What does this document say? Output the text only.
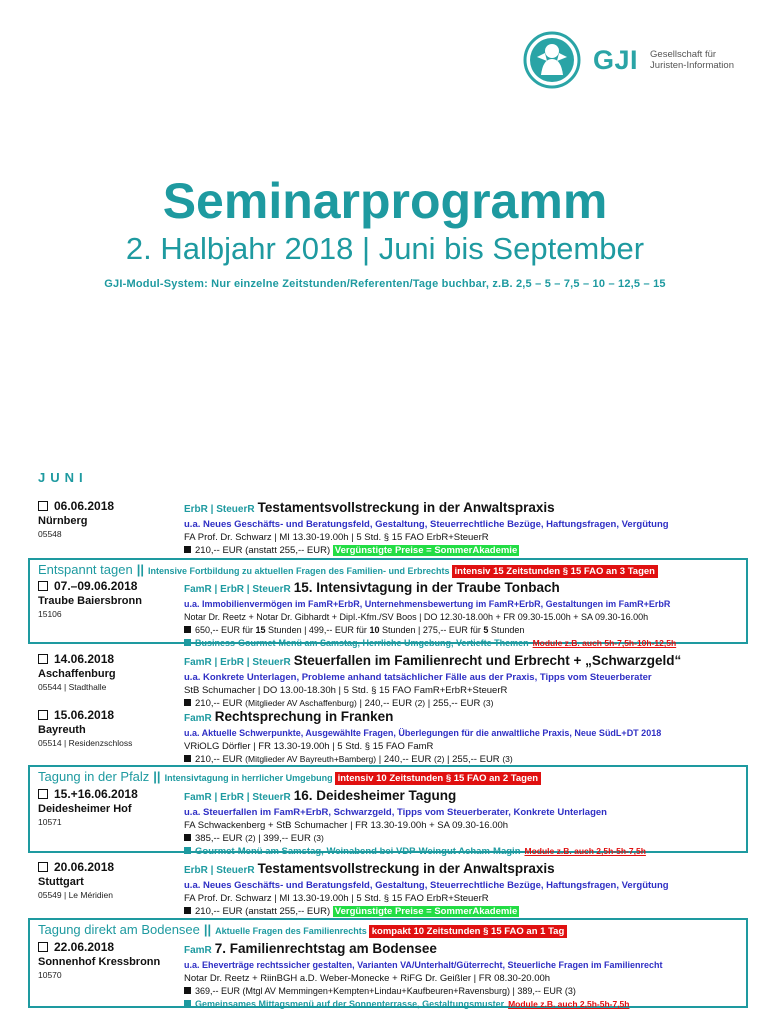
GJI Gesellschaft für
Juristen-Information
Seminarprogramm
2. Halbjahr 2018 | Juni bis September
GJI-Modul-System: Nur einzelne Zeitstunden/Referenten/Tage buchbar, z.B. 2,5 – 5 – 7,5 – 10 – 12,5 – 15
JUNI
06.06.2018
Nürnberg
05548
ErbR | SteuerR Testamentsvollstreckung in der Anwaltspraxis
u.a. Neues Geschäfts- und Beratungsfeld, Gestaltung, Steuerrechtliche Bezüge, Haftungsfragen, Vergütung
FA Prof. Dr. Schwarz | MI 13.30-19.00h | 5 Std. § 15 FAO ErbR+SteuerR
210,-- EUR (anstatt 255,-- EUR) Vergünstigte Preise = SommerAkademie
Entspannt tagen || Intensive Fortbildung zu aktuellen Fragen des Familien- und Erbrechts intensiv 15 Zeitstunden § 15 FAO an 3 Tagen
07.–09.06.2018
Traube Baiersbronn
15106
FamR | ErbR | SteuerR 15. Intensivtagung in der Traube Tonbach
u.a. Immobilienvermögen im FamR+ErbR, Unternehmensbewertung im FamR+ErbR, Gestaltungen im FamR+ErbR
Notar Dr. Reetz + Notar Dr. Gibhardt + Dipl.-Kfm./SV Boos | DO 12.30-18.00h + FR 09.30-15.00h + SA 09.30-16.00h
650,-- EUR für 15 Stunden | 499,-- EUR für 10 Stunden | 275,-- EUR für 5 Stunden
Business-Gourmet-Menü am Samstag, Herrliche Umgebung, Vertiefte Themen Module z.B. auch 5h-7,5h-10h-12,5h
14.06.2018
Aschaffenburg
05544 | Stadthalle
FamR | ErbR | SteuerR Steuerfallen im Familienrecht und Erbrecht + „Schwarzgeld“
u.a. Konkrete Unterlagen, Probleme anhand tatsächlicher Fälle aus der Praxis, Tipps vom Steuerberater
StB Schumacher | DO 13.00-18.30h | 5 Std. § 15 FAO FamR+ErbR+SteuerR
210,-- EUR (Mitglieder AV Aschaffenburg) | 240,-- EUR (2) | 255,-- EUR (3)
15.06.2018
Bayreuth
05514 | Residenzschloss
FamR Rechtsprechung in Franken
u.a. Aktuelle Schwerpunkte, Ausgewählte Fragen, Überlegungen für die anwaltliche Praxis, Neue SüdL+DT 2018
VRiOLG Dörfler | FR 13.30-19.00h | 5 Std. § 15 FAO FamR
210,-- EUR (Mitglieder AV Bayreuth+Bamberg) | 240,-- EUR (2) | 255,-- EUR (3)
Tagung in der Pfalz || Intensivtagung in herrlicher Umgebung intensiv 10 Zeitstunden § 15 FAO an 2 Tagen
15.+16.06.2018
Deidesheimer Hof
10571
FamR | ErbR | SteuerR 16. Deidesheimer Tagung
u.a. Steuerfallen im FamR+ErbR, Schwarzgeld, Tipps vom Steuerberater, Konkrete Unterlagen
FA Schwackenberg + StB Schumacher | FR 13.30-19.00h + SA 09.30-16.00h
385,-- EUR (2) | 399,-- EUR (3)
Gourmet-Menü am Samstag, Weinabend bei VDP-Weingut Acham-Magin Module z.B. auch 2,5h-5h-7,5h
20.06.2018
Stuttgart
05549 | Le Méridien
ErbR | SteuerR Testamentsvollstreckung in der Anwaltspraxis
u.a. Neues Geschäfts- und Beratungsfeld, Gestaltung, Steuerrechtliche Bezüge, Haftungsfragen, Vergütung
FA Prof. Dr. Schwarz | MI 13.30-19.00h | 5 Std. § 15 FAO ErbR+SteuerR
210,-- EUR (anstatt 255,-- EUR) Vergünstigte Preise = SommerAkademie
Tagung direkt am Bodensee || Aktuelle Fragen des Familienrechts kompakt 10 Zeitstunden § 15 FAO an 1 Tag
22.06.2018
Sonnenhof Kressbronn
10570
FamR 7. Familienrechtstag am Bodensee
u.a. Eheverträge rechtssicher gestalten, Varianten VA/Unterhalt/Güterrecht, Steuerliche Fragen im Familienrecht
Notar Dr. Reetz + RiinBGH a.D. Weber-Monecke + RiFG Dr. Geißler | FR 08.30-20.00h
369,-- EUR (Mtgl AV Memmingen+Kempten+Lindau+Kaufbeuren+Ravensburg) | 389,-- EUR (3)
Gemeinsames Mittagsmenü auf der Sonnenterrasse, Gestaltungsmuster Module z.B. auch 2,5h-5h-7,5h
